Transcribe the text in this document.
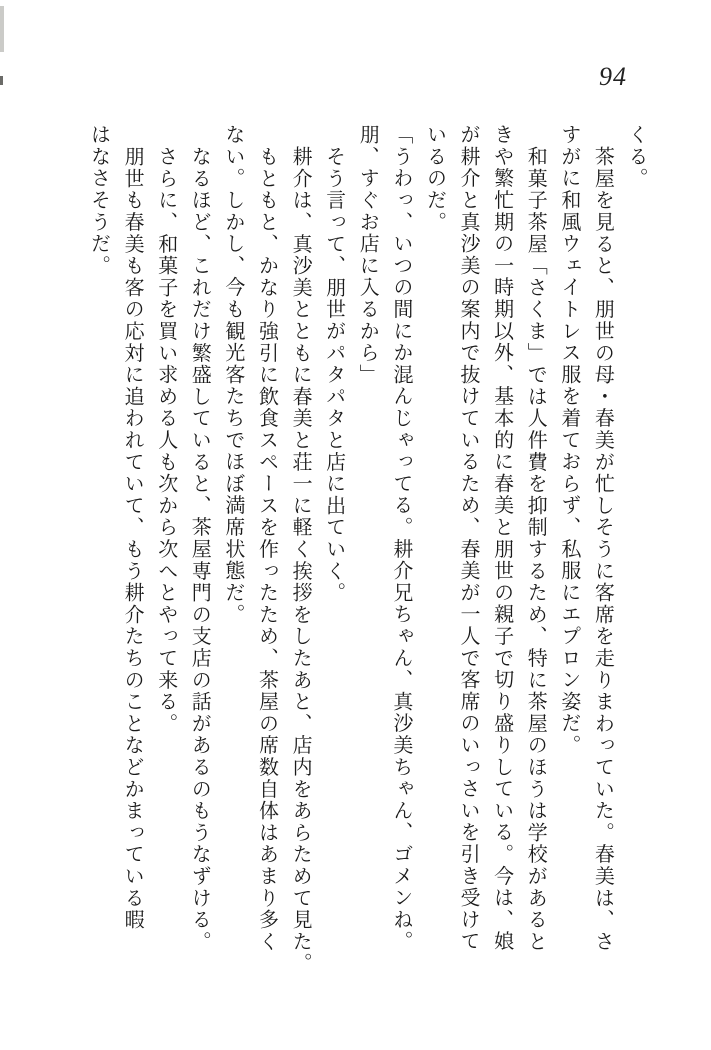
94
くる。
茶屋を見ると、朋世の母・春美が忙しそうに客席を走りまわっていた。春美は、さ
すがに和風ウェイトレス服を着ておらず、私服にエプロン姿だ。
和菓子茶屋「さくま」では人件費を抑制するため、特に茶屋のほうは学校があると
きや繁忙期の一時期以外、基本的に春美と朋世の親子で切り盛りしている。今は、娘
が耕介と真沙美の案内で抜けているため、春美が一人で客席のいっさいを引き受けて
いるのだ。
「うわっ、いつの間にか混んじゃってる。耕介兄ちゃん、真沙美ちゃん、ゴメンね。
朋、すぐお店に入るから」
そう言って、朋世がパタパタと店に出ていく。
耕介は、真沙美とともに春美と荘一に軽く挨拶をしたあと、店内をあらためて見た。
もともと、かなり強引に飲食スペースを作ったため、茶屋の席数自体はあまり多く
ない。しかし、今も観光客たちでほぼ満席状態だ。
なるほど、これだけ繁盛していると、茶屋専門の支店の話があるのもうなずける。
さらに、和菓子を買い求める人も次から次へとやって来る。
朋世も春美も客の応対に追われていて、もう耕介たちのことなどかまっている暇
はなさそうだ。
